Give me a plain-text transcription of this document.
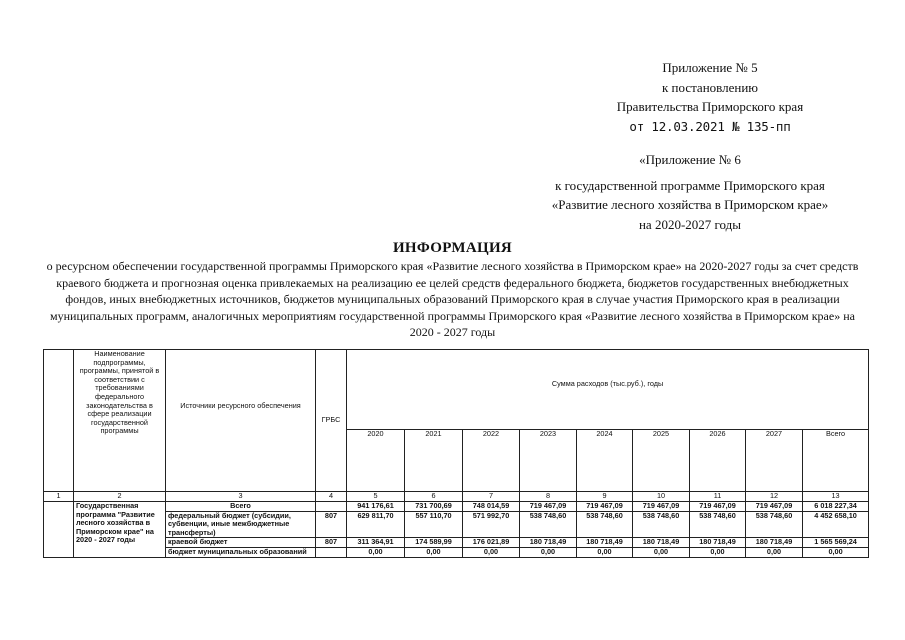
Приложение № 5
к постановлению
Правительства Приморского края
от 12.03.2021 № 135-пп
«Приложение № 6
к государственной программе Приморского края
«Развитие лесного хозяйства в Приморском крае»
на 2020-2027 годы
ИНФОРМАЦИЯ
о ресурсном обеспечении государственной программы Приморского края «Развитие лесного хозяйства в Приморском крае» на 2020-2027 годы за счет средств краевого бюджета и прогнозная оценка привлекаемых на реализацию ее целей средств федерального бюджета, бюджетов государственных внебюджетных фондов, иных внебюджетных источников, бюджетов муниципальных образований Приморского края в случае участия Приморского края в реализации муниципальных программ, аналогичных мероприятиям государственной программы Приморского края «Развитие лесного хозяйства в Приморском крае» на 2020 - 2027 годы
	Наименование подпрограммы, программы, принятой в соответствии с требованиями федерального законодательства в сфере реализации государственной программы	Источники ресурсного обеспечения	ГРБС	Сумма расходов (тыс.руб.), годы								
				2020	2021	2022	2023	2024	2025	2026	2027	Всего
1	2	3	4	5	6	7	8	9	10	11	12	13
	Государственная программа "Развитие лесного хозяйства в Приморском крае" на 2020 - 2027 годы	Всего		941 176,61	731 700,69	748 014,59	719 467,09	719 467,09	719 467,09	719 467,09	719 467,09	6 018 227,34
		федеральный бюджет (субсидии, субвенции, иные межбюджетные трансферты)	807	629 811,70	557 110,70	571 992,70	538 748,60	538 748,60	538 748,60	538 748,60	538 748,60	4 452 658,10
		краевой бюджет	807	311 364,91	174 589,99	176 021,89	180 718,49	180 718,49	180 718,49	180 718,49	180 718,49	1 565 569,24
		бюджет муниципальных образований		0,00	0,00	0,00	0,00	0,00	0,00	0,00	0,00	0,00
